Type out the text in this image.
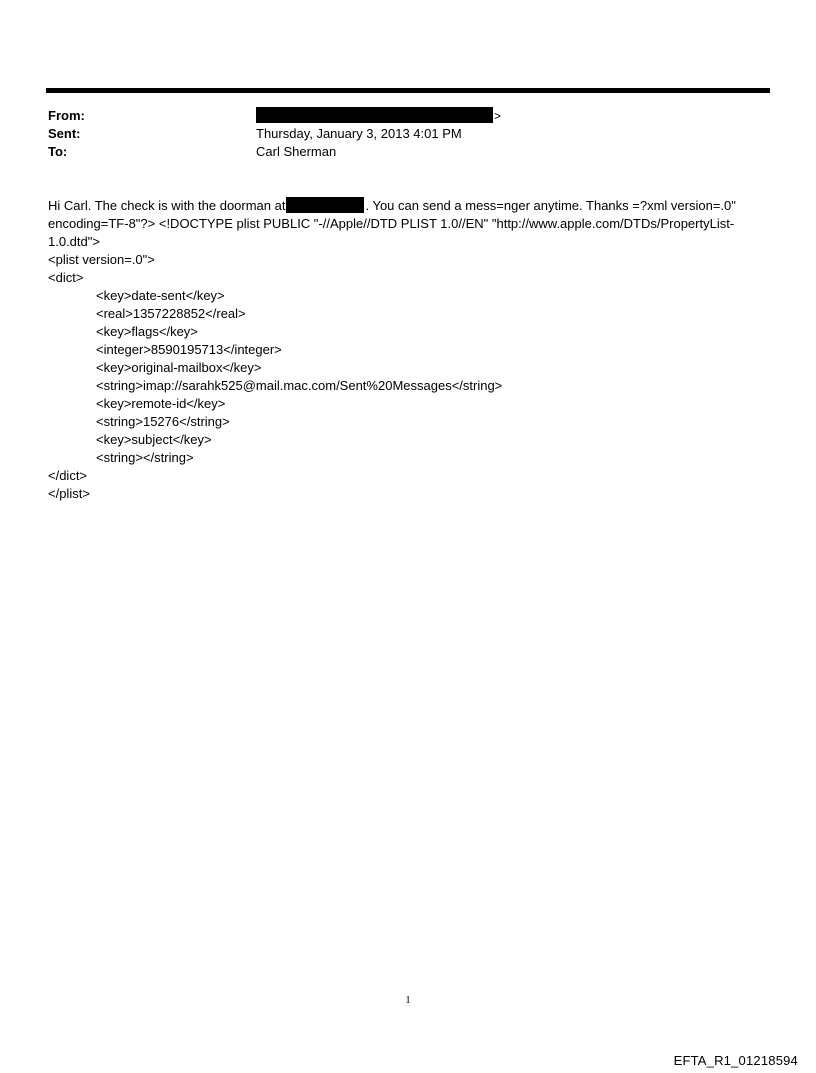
From:	>
Sent:	Thursday, January 3, 2013 4:01 PM
To:	Carl Sherman
Hi Carl. The check is with the doorman at	. You can send a mess=nger anytime. Thanks =?xml version=.0"
encoding=TF-8"?> <!DOCTYPE plist PUBLIC "-//Apple//DTD PLIST 1.0//EN" "http://www.apple.com/DTDs/PropertyList-
1.0.dtd">
<plist version=.0">
<dict>
<key>date-sent</key>
<real>1357228852</real>
<key>flags</key>
<integer>8590195713</integer>
<key>original-mailbox</key>
<string>imap://sarahk525@mail.mac.com/Sent%20Messages</string>
<key>remote-id</key>
<string>15276</string>
<key>subject</key>
<string></string>
</dict>
</plist>
1
EFTA_R1_01218594
